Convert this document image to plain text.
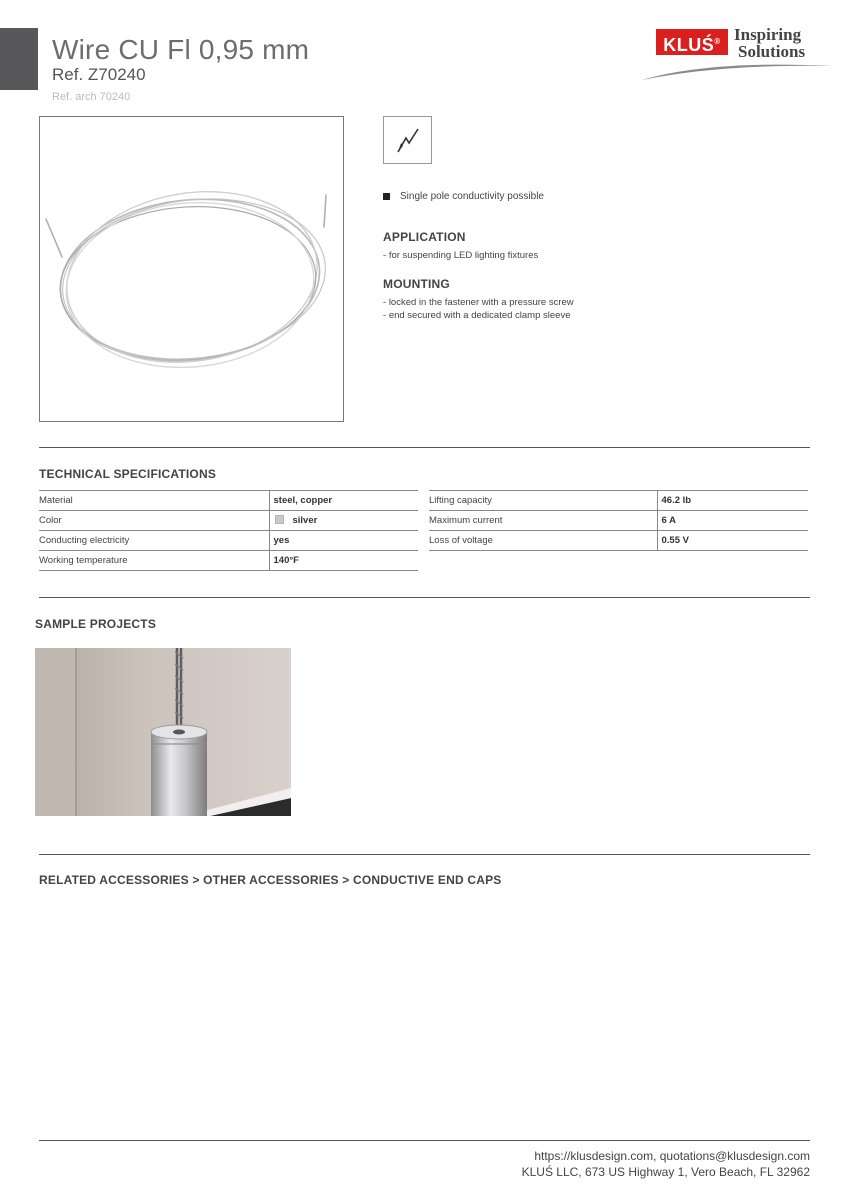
Wire CU Fl 0,95 mm
Ref. Z70240
Ref. arch 70240
KLUŚ® Inspiring
Solutions
Single pole conductivity possible
APPLICATION
- for suspending LED lighting fixtures
MOUNTING
- locked in the fastener with a pressure screw
- end secured with a dedicated clamp sleeve
TECHNICAL SPECIFICATIONS
Material	steel, copper
Color	silver
Conducting electricity	yes
Working temperature	140°F
Lifting capacity	46.2 lb
Maximum current	6 A
Loss of voltage	0.55 V
SAMPLE PROJECTS
RELATED ACCESSORIES > OTHER ACCESSORIES > CONDUCTIVE END CAPS
https://klusdesign.com, quotations@klusdesign.com
KLUŚ LLC, 673 US Highway 1, Vero Beach, FL 32962
